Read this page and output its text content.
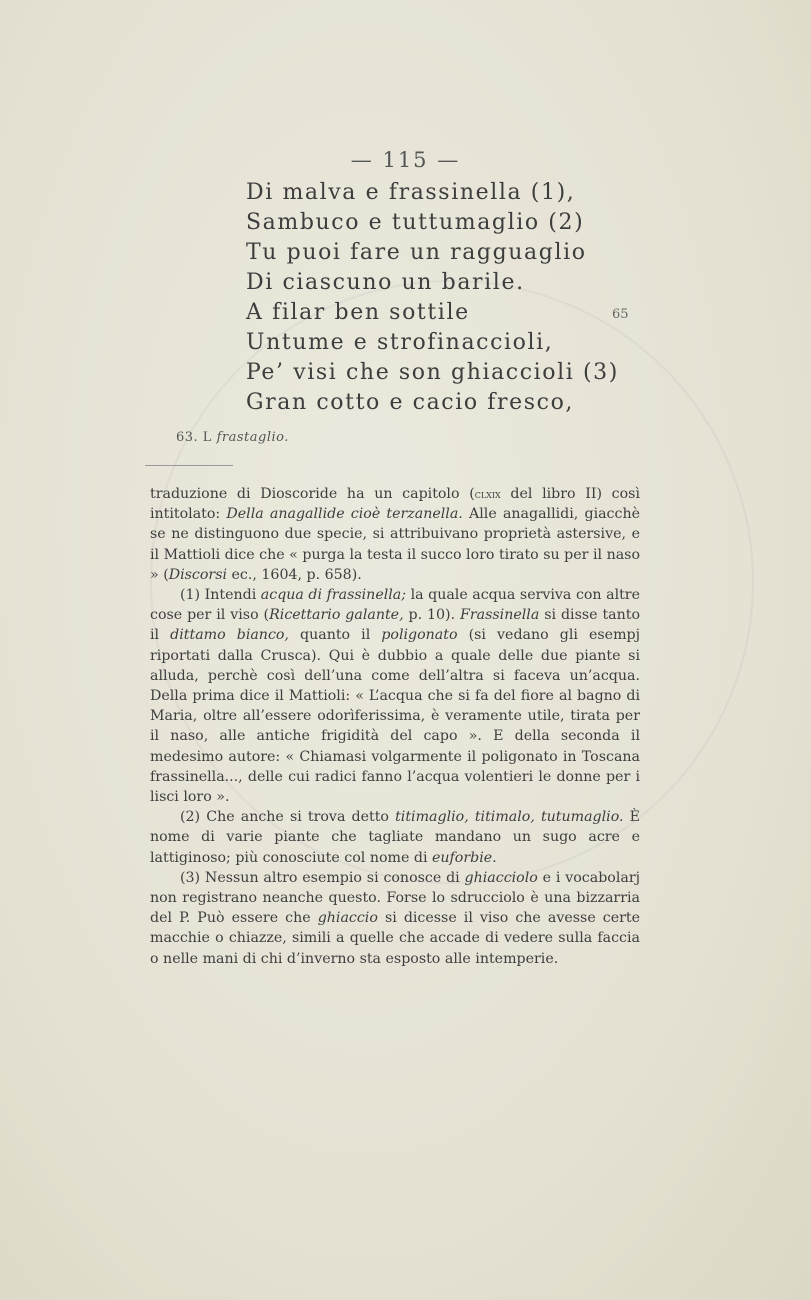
— 115 —
Di malva e frassinella (1),
Sambuco e tuttumaglio (2)
Tu puoi fare un ragguaglio
Di ciascuno un barile.
A filar ben sottile
Untume e strofinaccioli,
Pe’ visi che son ghiaccioli (3)
Gran cotto e cacio fresco,
65
63. L frastaglio.

traduzione di Dioscoride ha un capitolo (clxix del libro II) così intitolato: Della anagallide cioè terzanella. Alle anagallidi, giacchè se ne distinguono due specie, si attribuivano proprietà astersive, e il Mattioli dice che « purga la testa il succo loro tirato su per il naso » (Discorsi ec., 1604, p. 658).

(1) Intendi acqua di frassinella; la quale acqua serviva con altre cose per il viso (Ricettario galante, p. 10). Frassinella si disse tanto il dittamo bianco, quanto il poligonato (si vedano gli esempj riportati dalla Crusca). Qui è dubbio a quale delle due piante si alluda, perchè così dell’una come dell’altra si faceva un’acqua. Della prima dice il Mattioli: « L’acqua che si fa del fiore al bagno di Maria, oltre all’essere odorìferissima, è veramente utile, tirata per il naso, alle antiche frigidità del capo ». E della seconda il medesimo autore: « Chiamasi volgarmente il poligonato in Toscana frassinella..., delle cui radici fanno l’acqua volentieri le donne per i lisci loro ».

(2) Che anche si trova detto titimaglio, titimalo, tutumaglio. È nome di varie piante che tagliate mandano un sugo acre e lattiginoso; più conosciute col nome di euforbie.

(3) Nessun altro esempio si conosce di ghiacciolo e i vocabolarj non registrano neanche questo. Forse lo sdrucciolo è una bizzarria del P. Può essere che ghiaccio si dicesse il viso che avesse certe macchie o chiazze, simili a quelle che accade di vedere sulla faccia o nelle mani di chi d’inverno sta esposto alle intemperie.
